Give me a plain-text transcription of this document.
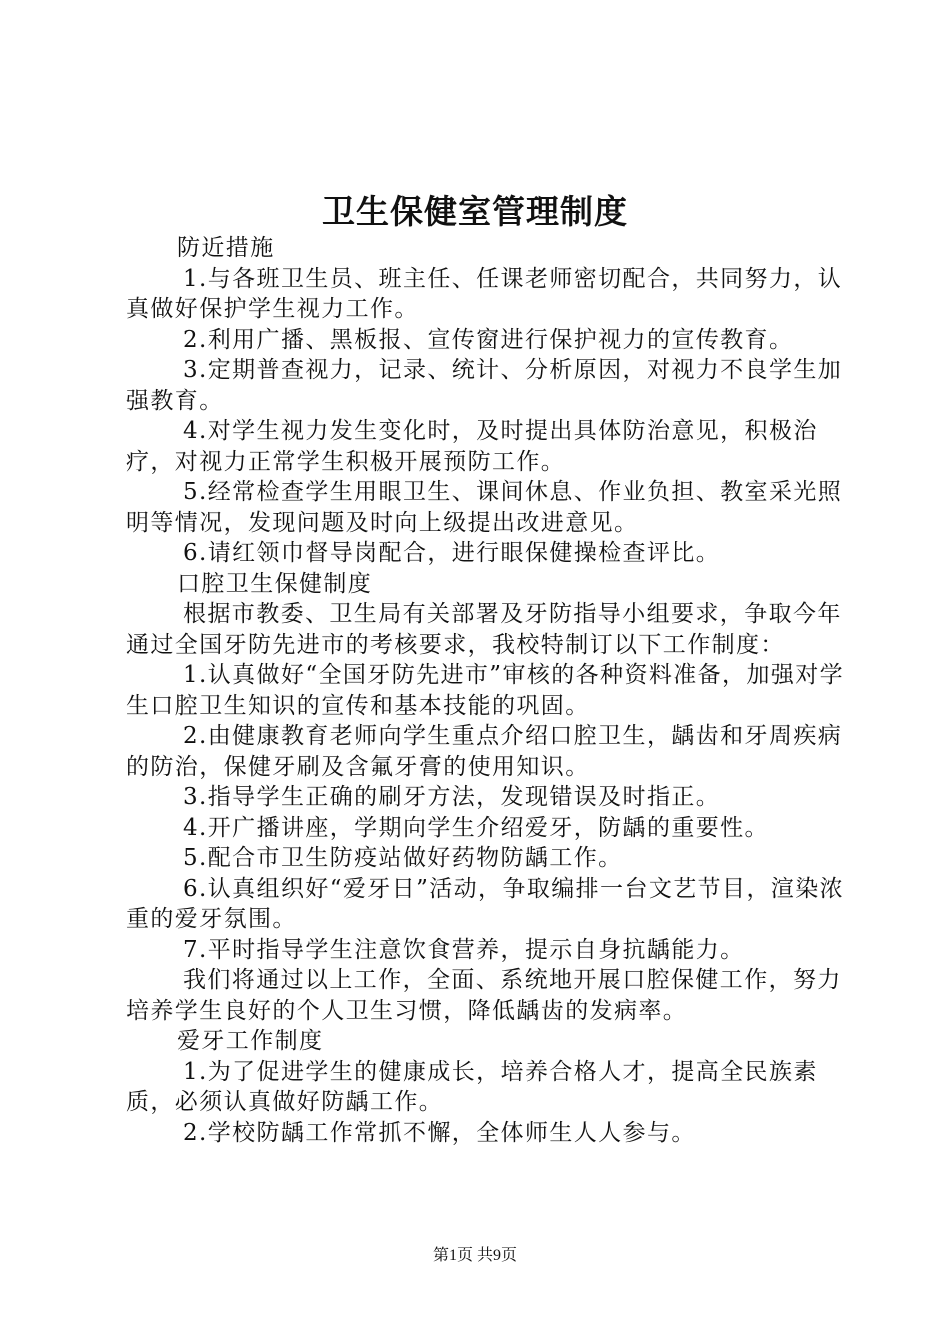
卫生保健室管理制度

防近措施

1.与各班卫生员、班主任、任课老师密切配合，共同努力，认真做好保护学生视力工作。

2.利用广播、黑板报、宣传窗进行保护视力的宣传教育。

3.定期普查视力，记录、统计、分析原因，对视力不良学生加强教育。

4.对学生视力发生变化时，及时提出具体防治意见，积极治疗，对视力正常学生积极开展预防工作。

5.经常检查学生用眼卫生、课间休息、作业负担、教室采光照明等情况，发现问题及时向上级提出改进意见。

6.请红领巾督导岗配合，进行眼保健操检查评比。

口腔卫生保健制度

根据市教委、卫生局有关部署及牙防指导小组要求，争取今年通过全国牙防先进市的考核要求，我校特制订以下工作制度：

1.认真做好“全国牙防先进市”审核的各种资料准备，加强对学生口腔卫生知识的宣传和基本技能的巩固。

2.由健康教育老师向学生重点介绍口腔卫生，龋齿和牙周疾病的防治，保健牙刷及含氟牙膏的使用知识。

3.指导学生正确的刷牙方法，发现错误及时指正。

4.开广播讲座，学期向学生介绍爱牙，防龋的重要性。

5.配合市卫生防疫站做好药物防龋工作。

6.认真组织好“爱牙日”活动，争取编排一台文艺节目，渲染浓重的爱牙氛围。

7.平时指导学生注意饮食营养，提示自身抗龋能力。

我们将通过以上工作，全面、系统地开展口腔保健工作，努力培养学生良好的个人卫生习惯，降低龋齿的发病率。

爱牙工作制度

1.为了促进学生的健康成长，培养合格人才，提高全民族素质，必须认真做好防龋工作。

2.学校防龋工作常抓不懈，全体师生人人参与。

第1页 共9页
